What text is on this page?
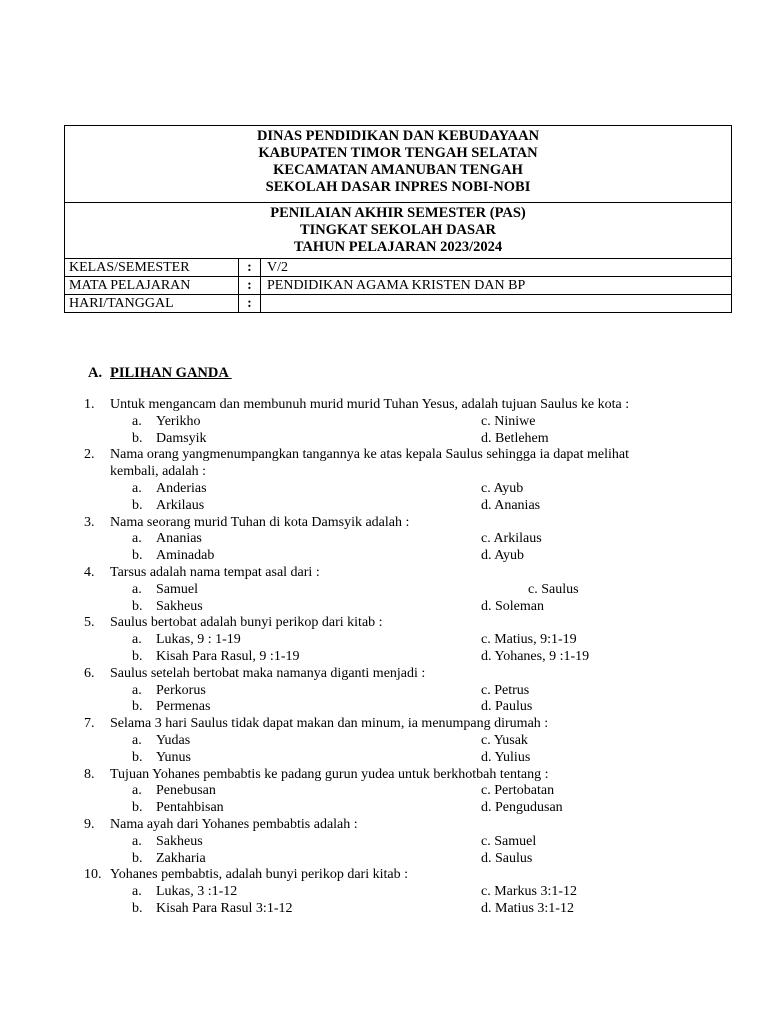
DINAS PENDIDIKAN DAN KEBUDAYAAN
KABUPATEN TIMOR TENGAH SELATAN
KECAMATAN AMANUBAN TENGAH
SEKOLAH DASAR INPRES NOBI-NOBI
PENILAIAN AKHIR SEMESTER (PAS)
TINGKAT SEKOLAH DASAR
TAHUN PELAJARAN 2023/2024
KELAS/SEMESTER	:	V/2
MATA PELAJARAN	:	PENDIDIKAN AGAMA KRISTEN DAN BP
HARI/TANGGAL	:
A. PILIHAN GANDA
1.	Untuk mengancam dan membunuh murid murid Tuhan Yesus, adalah tujuan Saulus ke kota :
a.	Yerikho	c. Niniwe
b. Damsyik	d. Betlehem
2.	Nama orang yangmenumpangkan tangannya ke atas kepala Saulus sehingga ia dapat melihat
kembali, adalah :
a.	Anderias	c. Ayub
b. Arkilaus	d. Ananias
3.	Nama seorang murid Tuhan di kota Damsyik adalah :
a.	Ananias	c. Arkilaus
b. Aminadab	d. Ayub
4.	Tarsus adalah nama tempat asal dari :
a.	Samuel	c. Saulus
b. Sakheus	d. Soleman
5.	Saulus bertobat adalah bunyi perikop dari kitab :
a.	Lukas, 9 : 1-19	c. Matius, 9:1-19
b. Kisah Para Rasul, 9 :1-19	d. Yohanes, 9 :1-19
6.	Saulus setelah bertobat maka namanya diganti menjadi :
a.	Perkorus	c. Petrus
b. Permenas	d. Paulus
7.	Selama 3 hari Saulus tidak dapat makan dan minum, ia menumpang dirumah :
a.	Yudas	c. Yusak
b. Yunus	d. Yulius
8.	Tujuan Yohanes pembabtis ke padang gurun yudea untuk berkhotbah tentang :
a.	Penebusan	c. Pertobatan
b. Pentahbisan	d. Pengudusan
9.	Nama ayah dari Yohanes pembabtis adalah :
a.	Sakheus	c. Samuel
b. Zakharia	d. Saulus
10. Yohanes pembabtis, adalah bunyi perikop dari kitab :
a.	Lukas, 3 :1-12	c. Markus 3:1-12
b. Kisah Para Rasul 3:1-12	d. Matius 3:1-12
